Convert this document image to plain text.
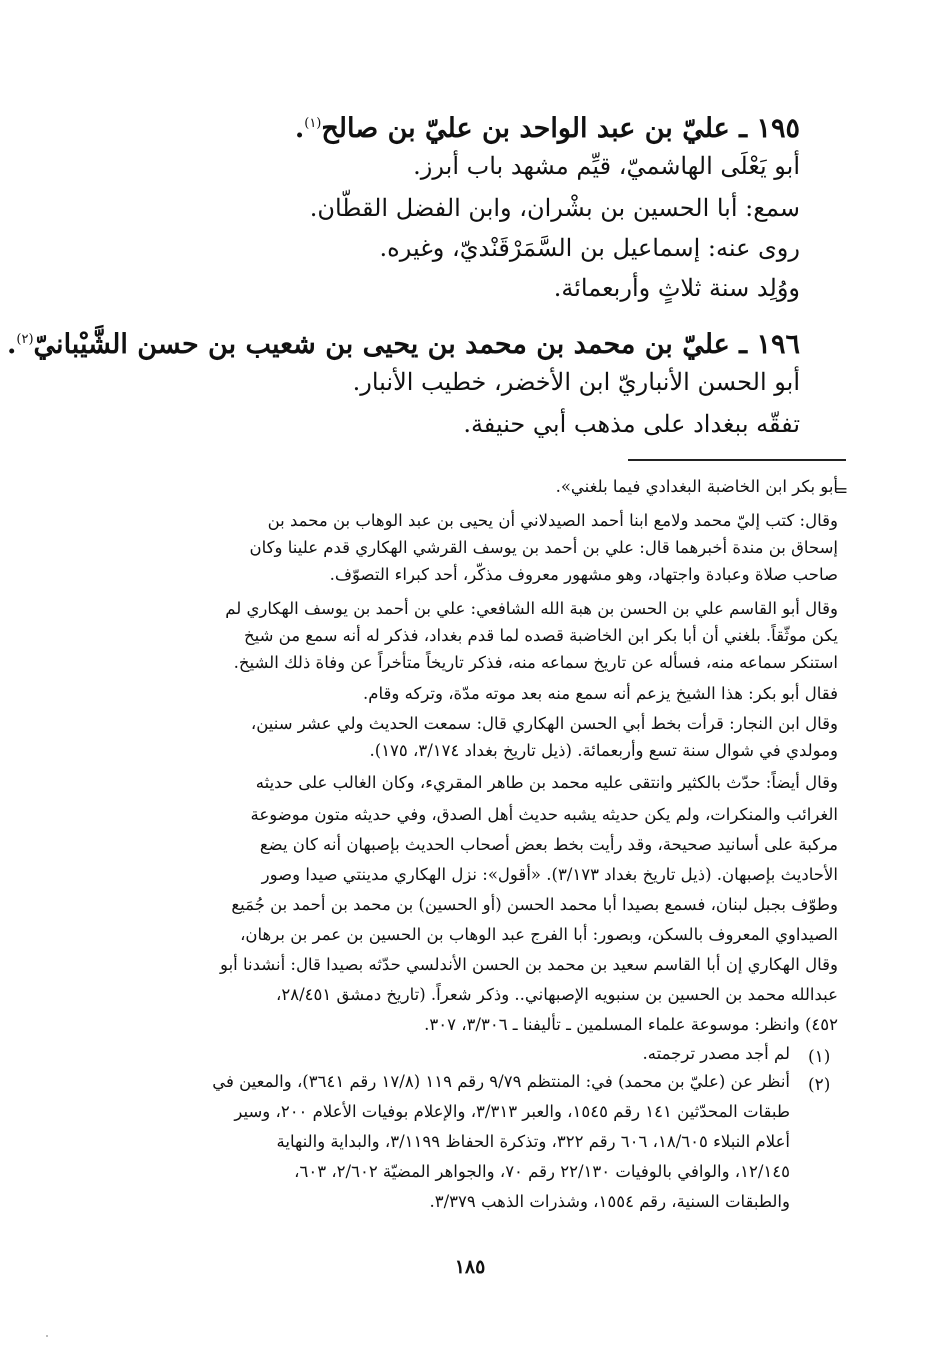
١٩٥ ـ عليّ بن عبد الواحد بن عليّ بن صالح$^{(١)}$.
أبو يَعْلَى الهاشميّ، قيِّم مشهد باب أبرز.
سمع: أبا الحسين بن بشْران، وابن الفضل القطّان.
روى عنه: إسماعيل بن السَّمَرْقَنْديّ، وغيره.
ووُلِد سنة ثلاثٍ وأربعمائة.
١٩٦ ـ عليّ بن محمد بن محمد بن يحيى بن شعيب بن حسن الشَّيْبانيّ$^{(٢)}$.
أبو الحسن الأنباريّ ابن الأخضر، خطيب الأنبار.
تفقّه ببغداد على مذهب أبي حنيفة.
=
أبو بكر ابن الخاضبة البغدادي فيما بلغني».
وقال: كتب إليّ محمد ولامع ابنا أحمد الصيدلاني أن يحيى بن عبد الوهاب بن محمد بن
إسحاق بن مندة أخبرهما قال: علي بن أحمد بن يوسف القرشي الهكاري قدم علينا وكان
صاحب صلاة وعبادة واجتهاد، وهو مشهور معروف مذكّر، أحد كبراء التصوّف.
وقال أبو القاسم علي بن الحسن بن هبة الله الشافعي: علي بن أحمد بن يوسف الهكاري لم
يكن موثّقاً. بلغني أن أبا بكر ابن الخاضبة قصده لما قدم بغداد، فذكر له أنه سمع من شيخ
استنكر سماعه منه، فسأله عن تاريخ سماعه منه، فذكر تاريخاً متأخراً عن وفاة ذلك الشيخ.
فقال أبو بكر: هذا الشيخ يزعم أنه سمع منه بعد موته مدّة، وتركه وقام.
وقال ابن النجار: قرأت بخط أبي الحسن الهكاري قال: سمعت الحديث ولي عشر سنين،
ومولدي في شوال سنة تسع وأربعمائة. (ذيل تاريخ بغداد ٣/١٧٤، ١٧٥).
وقال أيضاً: حدّث بالكثير وانتقى عليه محمد بن طاهر المقريء، وكان الغالب على حديثه
الغرائب والمنكرات، ولم يكن حديثه يشبه حديث أهل الصدق، وفي حديثه متون موضوعة
مركبة على أسانيد صحيحة، وقد رأيت بخط بعض أصحاب الحديث بإصبهان أنه كان يضع
الأحاديث بإصبهان. (ذيل تاريخ بغداد ٣/١٧٣). «أقول»: نزل الهكاري مدينتي صيدا وصور
وطوّف بجبل لبنان، فسمع بصيدا أبا محمد الحسن (أو الحسين) بن محمد بن أحمد بن جُمَيع
الصيداوي المعروف بالسكن، وبصور: أبا الفرج عبد الوهاب بن الحسين بن عمر بن برهان،
وقال الهكاري إن أبا القاسم سعيد بن محمد بن الحسن الأندلسي حدّثه بصيدا قال: أنشدنا أبو
عبدالله محمد بن الحسين بن سنبويه الإصبهاني.. وذكر شعراً. (تاريخ دمشق ٢٨/٤٥١،
٤٥٢) وانظر: موسوعة علماء المسلمين ـ تأليفنا ـ ٣/٣٠٦، ٣٠٧.
(١)
لم أجد مصدر ترجمته.
(٢)
أنظر عن (عليّ بن محمد) في: المنتظم ٩/٧٩ رقم ١١٩ (١٧/٨ رقم ٣٦٤١)، والمعين في
طبقات المحدّثين ١٤١ رقم ١٥٤٥، والعبر ٣/٣١٣، والإعلام بوفيات الأعلام ٢٠٠، وسير
أعلام النبلاء ١٨/٦٠٥، ٦٠٦ رقم ٣٢٢، وتذكرة الحفاظ ٣/١١٩٩، والبداية والنهاية
١٢/١٤٥، والوافي بالوفيات ٢٢/١٣٠ رقم ٧٠، والجواهر المضيّة ٢/٦٠٢، ٦٠٣،
والطبقات السنية، رقم ١٥٥٤، وشذرات الذهب ٣/٣٧٩.
١٨٥
